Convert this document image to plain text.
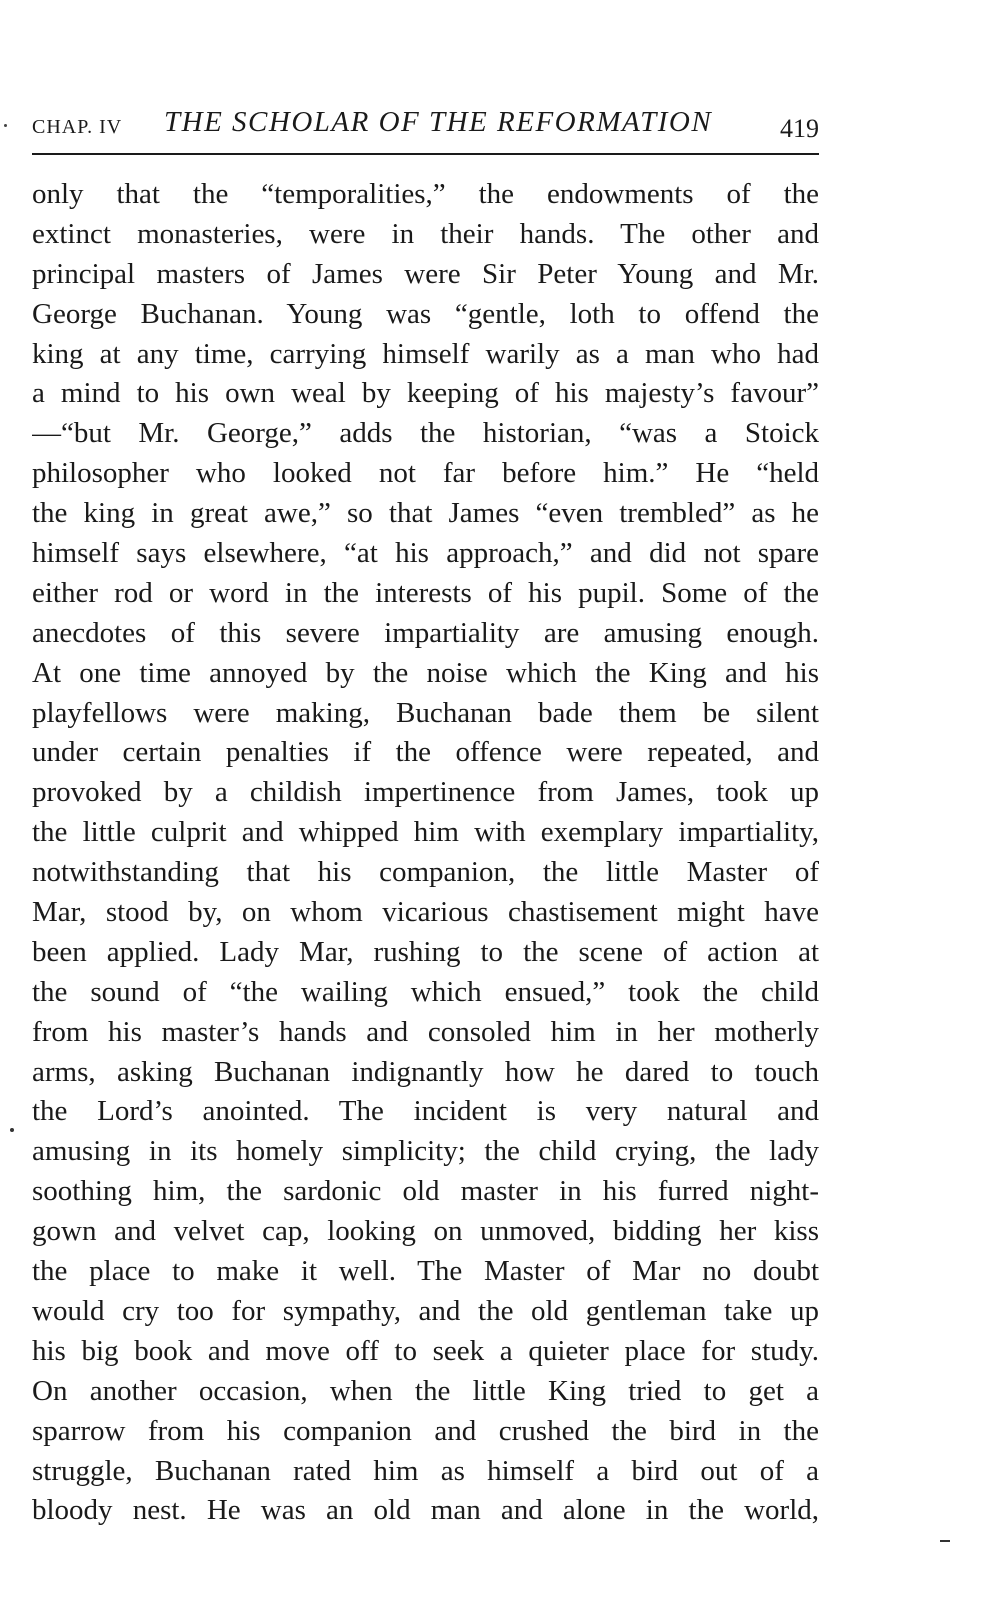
CHAP. IV THE SCHOLAR OF THE REFORMATION	419
only that the “temporalities,” the endowments of the
extinct monasteries, were in their hands. The other and
principal masters of James were Sir Peter Young and Mr.
George Buchanan. Young was “gentle, loth to offend the
king at any time, carrying himself warily as a man who had
a mind to his own weal by keeping of his majesty’s favour”
—“but Mr. George,” adds the historian, “was a Stoick
philosopher who looked not far before him.” He “held
the king in great awe,” so that James “even trembled” as he
himself says elsewhere, “at his approach,” and did not spare
either rod or word in the interests of his pupil. Some of the
anecdotes of this severe impartiality are amusing enough.
At one time annoyed by the noise which the King and his
playfellows were making, Buchanan bade them be silent
under certain penalties if the offence were repeated, and
provoked by a childish impertinence from James, took up
the little culprit and whipped him with exemplary impartiality,
notwithstanding that his companion, the little Master of
Mar, stood by, on whom vicarious chastisement might have
been applied. Lady Mar, rushing to the scene of action at
the sound of “the wailing which ensued,” took the child
from his master’s hands and consoled him in her motherly
arms, asking Buchanan indignantly how he dared to touch
the Lord’s anointed. The incident is very natural and
amusing in its homely simplicity; the child crying, the lady
soothing him, the sardonic old master in his furred night-
gown and velvet cap, looking on unmoved, bidding her kiss
the place to make it well. The Master of Mar no doubt
would cry too for sympathy, and the old gentleman take up
his big book and move off to seek a quieter place for study.
On another occasion, when the little King tried to get a
sparrow from his companion and crushed the bird in the
struggle, Buchanan rated him as himself a bird out of a
bloody nest. He was an old man and alone in the world,
